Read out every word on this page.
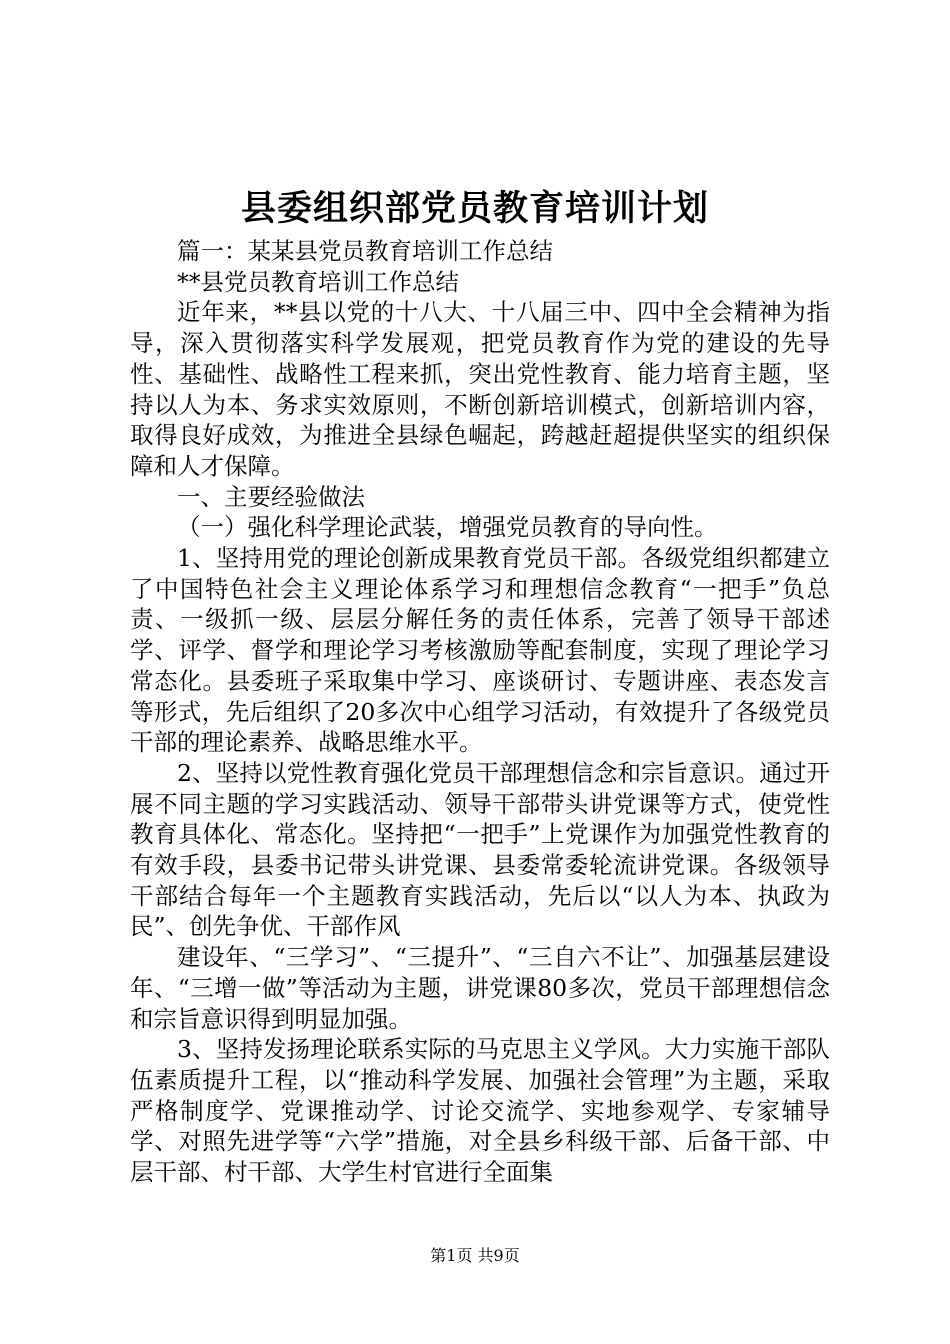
县委组织部党员教育培训计划

篇一：某某县党员教育培训工作总结

**县党员教育培训工作总结

近年来，**县以党的十八大、十八届三中、四中全会精神为指导，深入贯彻落实科学发展观，把党员教育作为党的建设的先导性、基础性、战略性工程来抓，突出党性教育、能力培育主题，坚持以人为本、务求实效原则，不断创新培训模式，创新培训内容，取得良好成效，为推进全县绿色崛起，跨越赶超提供坚实的组织保障和人才保障。

一、主要经验做法

（一）强化科学理论武装，增强党员教育的导向性。

1、坚持用党的理论创新成果教育党员干部。各级党组织都建立了中国特色社会主义理论体系学习和理想信念教育“一把手”负总责、一级抓一级、层层分解任务的责任体系，完善了领导干部述学、评学、督学和理论学习考核激励等配套制度，实现了理论学习常态化。县委班子采取集中学习、座谈研讨、专题讲座、表态发言等形式，先后组织了20多次中心组学习活动，有效提升了各级党员干部的理论素养、战略思维水平。

2、坚持以党性教育强化党员干部理想信念和宗旨意识。通过开展不同主题的学习实践活动、领导干部带头讲党课等方式，使党性教育具体化、常态化。坚持把“一把手”上党课作为加强党性教育的有效手段，县委书记带头讲党课、县委常委轮流讲党课。各级领导干部结合每年一个主题教育实践活动，先后以“以人为本、执政为民”、创先争优、干部作风

建设年、“三学习”、“三提升”、“三自六不让”、加强基层建设年、“三增一做”等活动为主题，讲党课80多次，党员干部理想信念和宗旨意识得到明显加强。

3、坚持发扬理论联系实际的马克思主义学风。大力实施干部队伍素质提升工程，以“推动科学发展、加强社会管理”为主题，采取严格制度学、党课推动学、讨论交流学、实地参观学、专家辅导学、对照先进学等“六学”措施，对全县乡科级干部、后备干部、中层干部、村干部、大学生村官进行全面集

第1页 共9页
